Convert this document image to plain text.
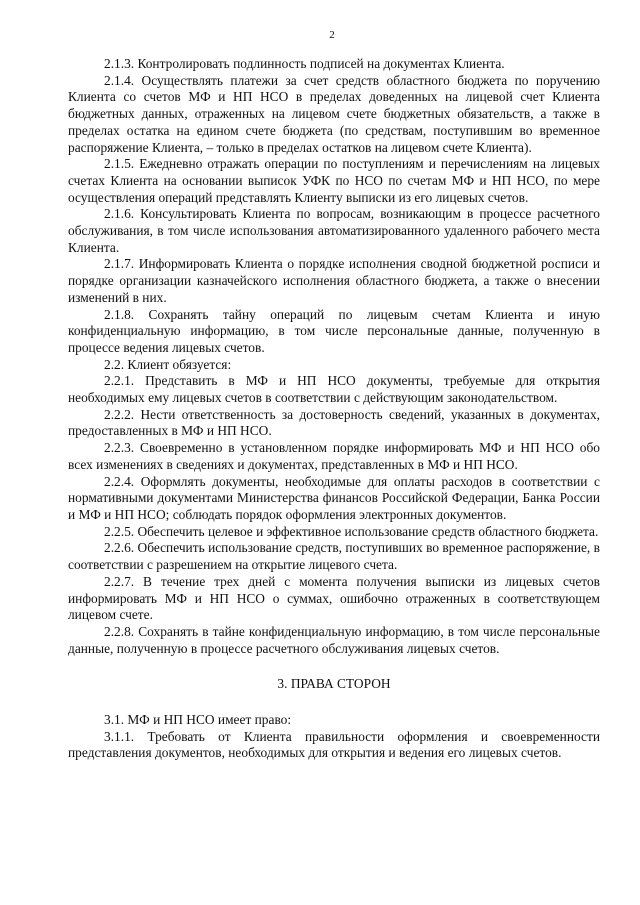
2

2.1.3. Контролировать подлинность подписей на документах Клиента.

2.1.4. Осуществлять платежи за счет средств областного бюджета по поручению Клиента со счетов МФ и НП НСО в пределах доведенных на лицевой счет Клиента бюджетных данных, отраженных на лицевом счете бюджетных обязательств, а также в пределах остатка на едином счете бюджета (по средствам, поступившим во временное распоряжение Клиента, – только в пределах остатков на лицевом счете Клиента).

2.1.5. Ежедневно отражать операции по поступлениям и перечислениям на лицевых счетах Клиента на основании выписок УФК по НСО по счетам МФ и НП НСО, по мере осуществления операций представлять Клиенту выписки из его лицевых счетов.

2.1.6. Консультировать Клиента по вопросам, возникающим в процессе расчетного обслуживания, в том числе использования автоматизированного удаленного рабочего места Клиента.

2.1.7. Информировать Клиента о порядке исполнения сводной бюджетной росписи и порядке организации казначейского исполнения областного бюджета, а также о внесении изменений в них.

2.1.8. Сохранять тайну операций по лицевым счетам Клиента и иную конфиденциальную информацию, в том числе персональные данные, полученную в процессе ведения лицевых счетов.

2.2. Клиент обязуется:

2.2.1. Представить в МФ и НП НСО документы, требуемые для открытия необходимых ему лицевых счетов в соответствии с действующим законодательством.

2.2.2. Нести ответственность за достоверность сведений, указанных в документах, предоставленных в МФ и НП НСО.

2.2.3. Своевременно в установленном порядке информировать МФ и НП НСО обо всех изменениях в сведениях и документах, представленных в МФ и НП НСО.

2.2.4. Оформлять документы, необходимые для оплаты расходов в соответствии с нормативными документами Министерства финансов Российской Федерации, Банка России и МФ и НП НСО; соблюдать порядок оформления электронных документов.

2.2.5. Обеспечить целевое и эффективное использование средств областного бюджета.

2.2.6. Обеспечить использование средств, поступивших во временное распоряжение, в соответствии с разрешением на открытие лицевого счета.

2.2.7. В течение трех дней с момента получения выписки из лицевых счетов информировать МФ и НП НСО о суммах, ошибочно отраженных в соответствующем лицевом счете.

2.2.8. Сохранять в тайне конфиденциальную информацию, в том числе персональные данные, полученную в процессе расчетного обслуживания лицевых счетов.

3. ПРАВА СТОРОН

3.1. МФ и НП НСО имеет право:

3.1.1. Требовать от Клиента правильности оформления и своевременности представления документов, необходимых для открытия и ведения его лицевых счетов.
